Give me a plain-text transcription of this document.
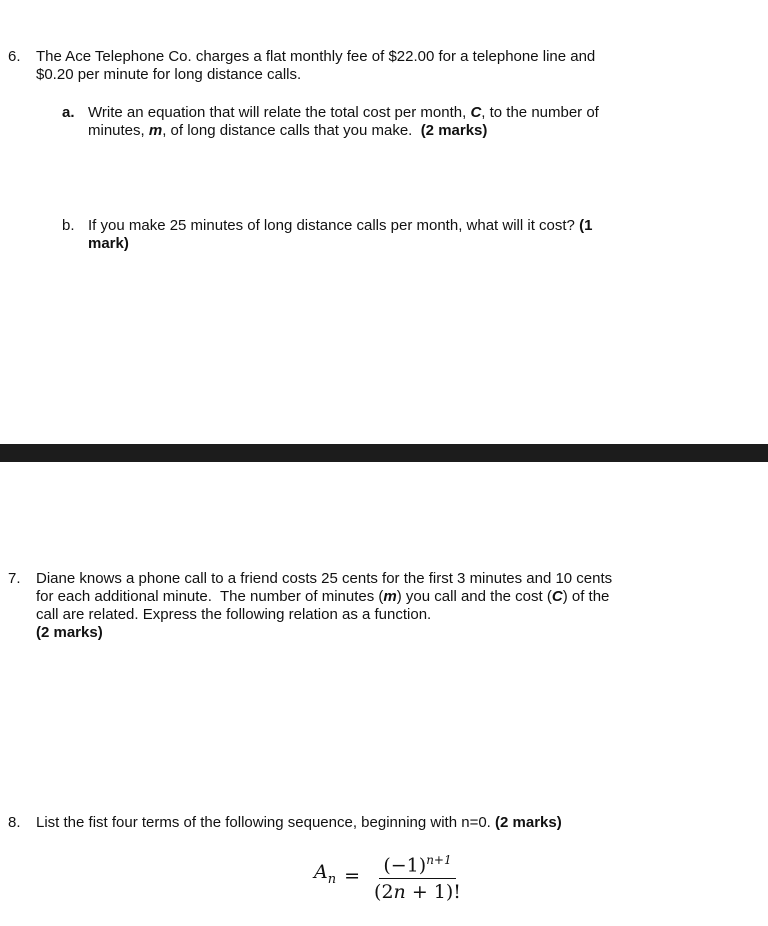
6. The Ace Telephone Co. charges a flat monthly fee of $22.00 for a telephone line and
$0.20 per minute for long distance calls.
a. Write an equation that will relate the total cost per month, C, to the number of
minutes, m, of long distance calls that you make.  (2 marks)
b. If you make 25 minutes of long distance calls per month, what will it cost? (1
mark)
7. Diane knows a phone call to a friend costs 25 cents for the first 3 minutes and 10 cents
for each additional minute.  The number of minutes (m) you call and the cost (C) of the
call are related. Express the following relation as a function.
(2 marks)
8. List the fist four terms of the following sequence, beginning with n=0. (2 marks)
$A_n = \frac{(-1)^{n+1}}{(2n + 1)!}$
